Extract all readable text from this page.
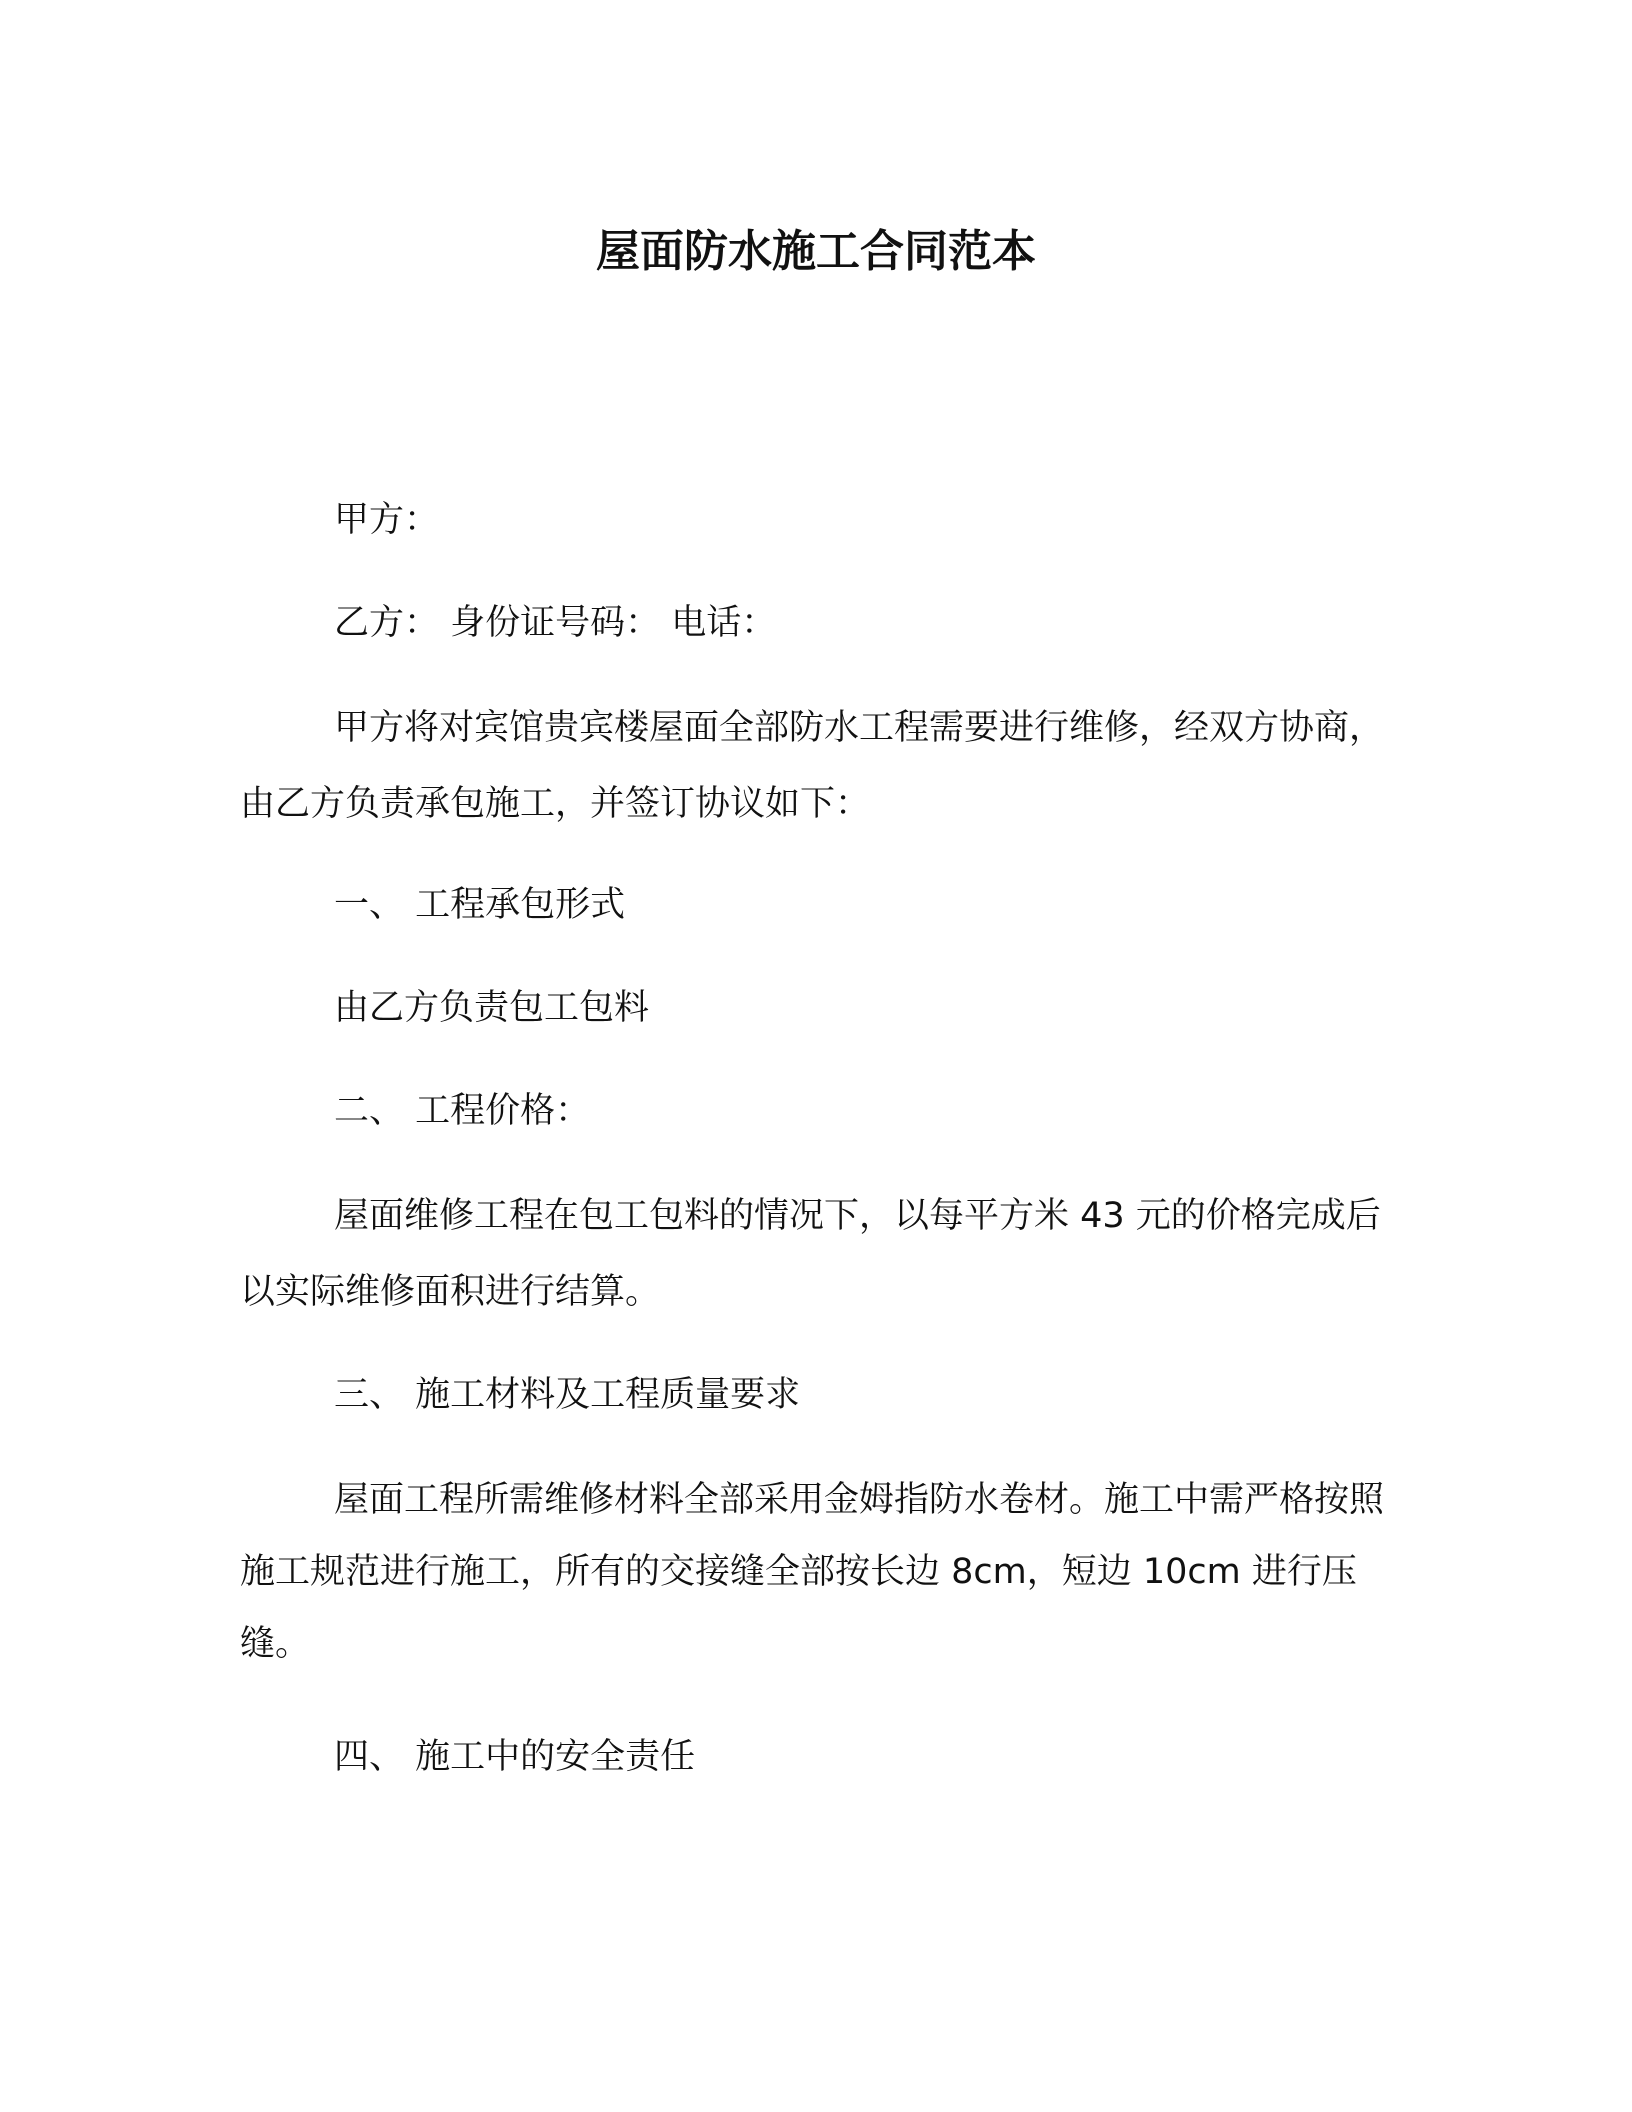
屋面防水施工合同范本
甲方：
乙方： 身份证号码： 电话：

甲方将对宾馆贵宾楼屋面全部防水工程需要进行维修，经双方协商，由乙方负责承包施工，并签订协议如下：

一、 工程承包形式
由乙方负责包工包料
二、 工程价格：

屋面维修工程在包工包料的情况下，以每平方米 43 元的价格完成后以实际维修面积进行结算。

三、 施工材料及工程质量要求

屋面工程所需维修材料全部采用金姆指防水卷材。施工中需严格按照施工规范进行施工，所有的交接缝全部按长边 8cm，短边 10cm 进行压缝。

四、 施工中的安全责任
